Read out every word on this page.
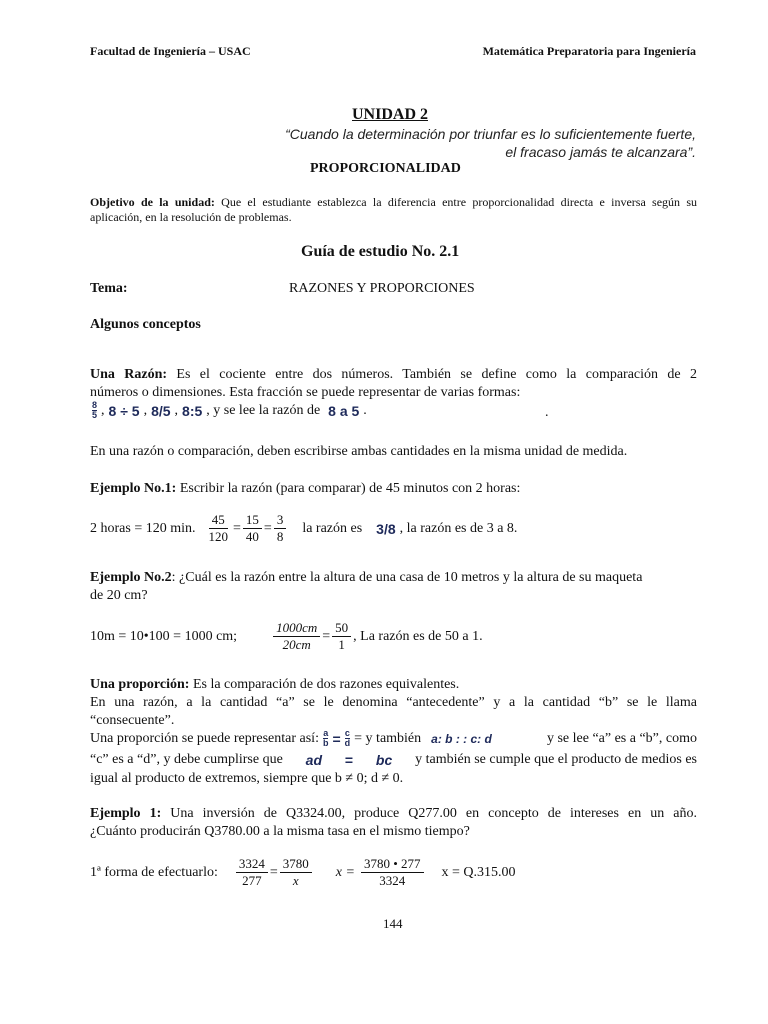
Facultad de Ingeniería – USAC	Matemática Preparatoria para Ingeniería
UNIDAD 2
“Cuando la determinación por triunfar es lo suficientemente fuerte,
el fracaso jamás te alcanzara”.
PROPORCIONALIDAD
Objetivo de la unidad: Que el estudiante establezca la diferencia entre proporcionalidad directa e inversa según su
aplicación, en la resolución de problemas.
Guía de estudio No. 2.1
Tema:	RAZONES Y PROPORCIONES
Algunos conceptos
Una Razón: Es el cociente entre dos números. También se define como la comparación de 2
números o dimensiones. Esta fracción se puede representar de varias formas:
$\frac{8}{5}$ , 8 ÷ 5 , 8/5 , 8:5 , y se lee la razón de 8 a 5 .	.
En una razón o comparación, deben escribirse ambas cantidades en la misma unidad de medida.
Ejemplo No.1: Escribir la razón (para comparar) de 45 minutos con 2 horas:
2 horas = 120 min. $\frac{45}{120} = \frac{15}{40} = \frac{3}{8}$ la razón es 3/8 , la razón es de 3 a 8.
Ejemplo No.2: ¿Cuál es la razón entre la altura de una casa de 10 metros y la altura de su maqueta
de 20 cm?
10m = 10•100 = 1000 cm;	$\frac{1000cm}{20cm} = \frac{50}{1}$ , La razón es de 50 a 1.
Una proporción: Es la comparación de dos razones equivalentes.
En una razón, a la cantidad “a” se le denomina “antecedente” y a la cantidad “b” se le llama
“consecuente”.
Una proporción se puede representar así: $\frac{a}{b} = \frac{c}{d} = y$ también a: b : : c: d	y se lee “a” es a “b”, como
“c” es a “d”, y debe cumplirse que ad = bc y también se cumple que el producto de medios es
igual al producto de extremos, siempre que b ≠ 0; d ≠ 0.
Ejemplo 1: Una inversión de Q3324.00, produce Q277.00 en concepto de intereses en un año.
¿Cuánto producirán Q3780.00 a la misma tasa en el mismo tiempo?
1ª forma de efectuarlo: $\frac{3324}{277} = \frac{3780}{x}$ $x = \frac{3780 • 277}{3324}$ x = Q.315.00
144
